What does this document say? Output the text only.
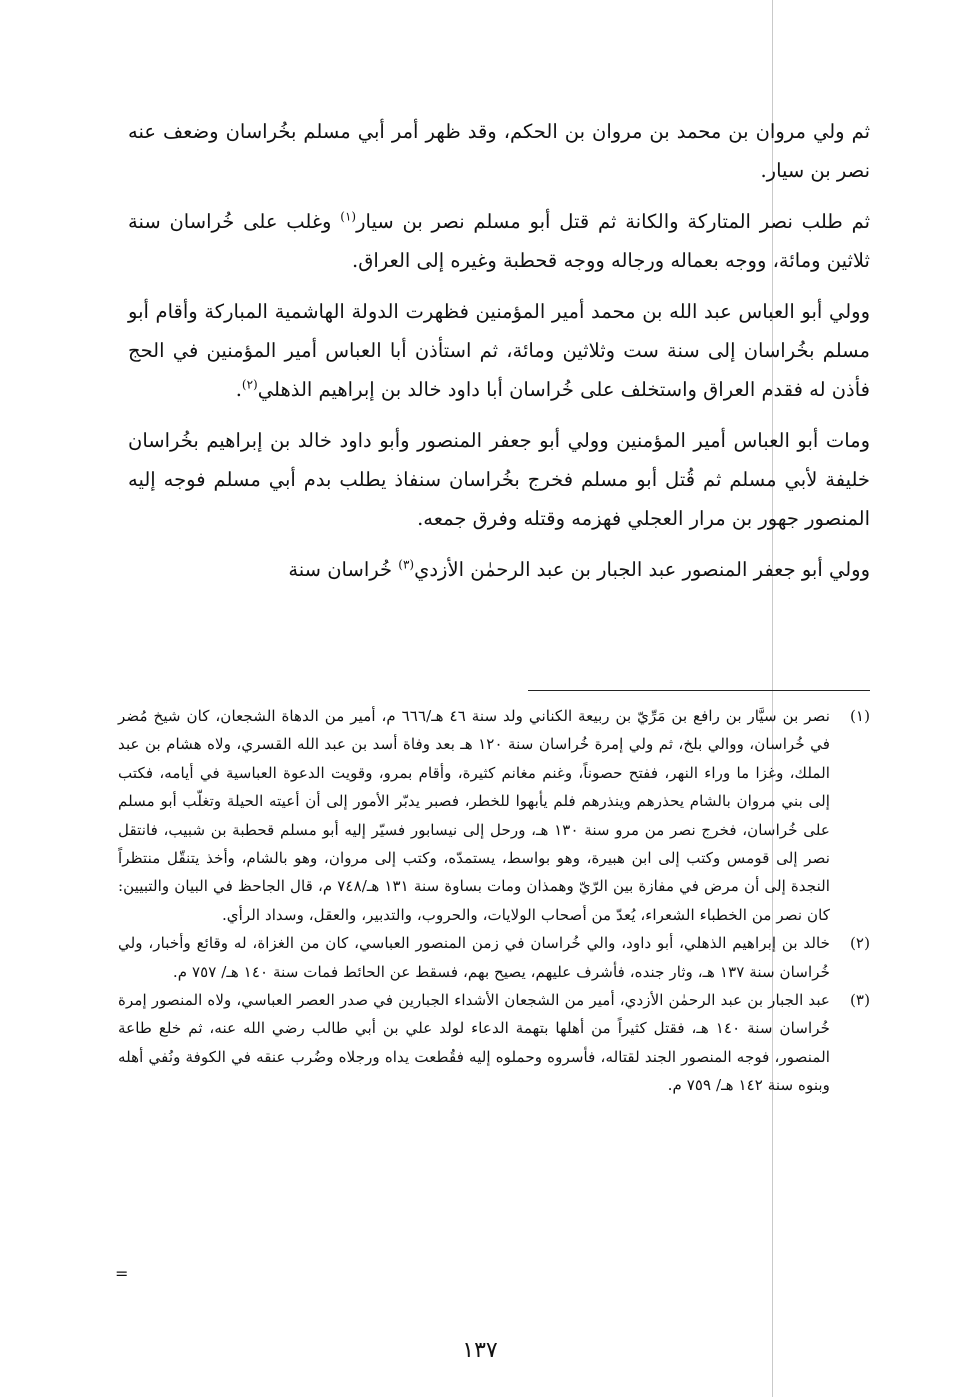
ثم ولي مروان بن محمد بن مروان بن الحكم، وقد ظهر أمر أبي مسلم بخُراسان وضعف عنه نصر بن سيار.

ثم طلب نصر المتاركة والكانة ثم قتل أبو مسلم نصر بن سيار$^{(١)}$ وغلب على خُراسان سنة ثلاثين ومائة، ووجه بعماله ورجاله ووجه قحطبة وغيره إلى العراق.

وولي أبو العباس عبد الله بن محمد أمير المؤمنين فظهرت الدولة الهاشمية المباركة وأقام أبو مسلم بخُراسان إلى سنة ست وثلاثين ومائة، ثم استأذن أبا العباس أمير المؤمنين في الحج فأذن له فقدم العراق واستخلف على خُراسان أبا داود خالد بن إبراهيم الذهلي$^{(٢)}$.

ومات أبو العباس أمير المؤمنين وولي أبو جعفر المنصور وأبو داود خالد بن إبراهيم بخُراسان خليفة لأبي مسلم ثم قُتل أبو مسلم فخرج بخُراسان سنفاذ يطلب بدم أبي مسلم فوجه إليه المنصور جهور بن مرار العجلي فهزمه وقتله وفرق جمعه.

وولي أبو جعفر المنصور عبد الجبار بن عبد الرحمٰن الأزدي$^{(٣)}$ خُراسان سنة

(١)
نصر بن سيَّار بن رافع بن مَرِّيّ بن ربيعة الكناني ولد سنة ٤٦ هـ/٦٦٦ م، أمير من الدهاة الشجعان، كان شيخ مُضر في خُراسان، ووالي بلخ، ثم ولي إمرة خُراسان سنة ١٢٠ هـ بعد وفاة أسد بن عبد الله القسري، ولاه هشام بن عبد الملك، وغزا ما وراء النهر، ففتح حصوناً، وغنم مغانم كثيرة، وأقام بمرو، وقويت الدعوة العباسية في أيامه، فكتب إلى بني مروان بالشام يحذرهم وينذرهم فلم يأبهوا للخطر، فصبر يدبّر الأمور إلى أن أعيته الحيلة وتغلّب أبو مسلم على خُراسان، فخرج نصر من مرو سنة ١٣٠ هـ، ورحل إلى نيسابور فسيّر إليه أبو مسلم قحطبة بن شبيب، فانتقل نصر إلى قومس وكتب إلى ابن هبيرة، وهو بواسط، يستمدّه، وكتب إلى مروان، وهو بالشام، وأخذ يتنقّل منتظراً النجدة إلى أن مرض في مفازة بين الرّيّ وهمذان ومات بساوة سنة ١٣١ هـ/٧٤٨ م، قال الجاحظ في البيان والتبيين: كان نصر من الخطباء الشعراء، يُعدّ من أصحاب الولايات، والحروب، والتدبير، والعقل، وسداد الرأي.
(٢)
خالد بن إبراهيم الذهلي، أبو داود، والي خُراسان في زمن المنصور العباسي، كان من الغزاة، له وقائع وأخبار، ولي خُراسان سنة ١٣٧ هـ، وثار جنده، فأشرف عليهم، يصيح بهم، فسقط عن الحائط فمات سنة ١٤٠ هـ/ ٧٥٧ م.
(٣)
عبد الجبار بن عبد الرحمٰن الأزدي، أمير من الشجعان الأشداء الجبارين في صدر العصر العباسي، ولاه المنصور إمرة خُراسان سنة ١٤٠ هـ، فقتل كثيراً من أهلها بتهمة الدعاء لولد علي بن أبي طالب رضي الله عنه، ثم خلع طاعة المنصور، فوجه المنصور الجند لقتاله، فأسروه وحملوه إليه فقُطعت يداه ورجلاه وضُرب عنقه في الكوفة ونُفي أهله وبنوه سنة ١٤٢ هـ/ ٧٥٩ م.
=
١٣٧
